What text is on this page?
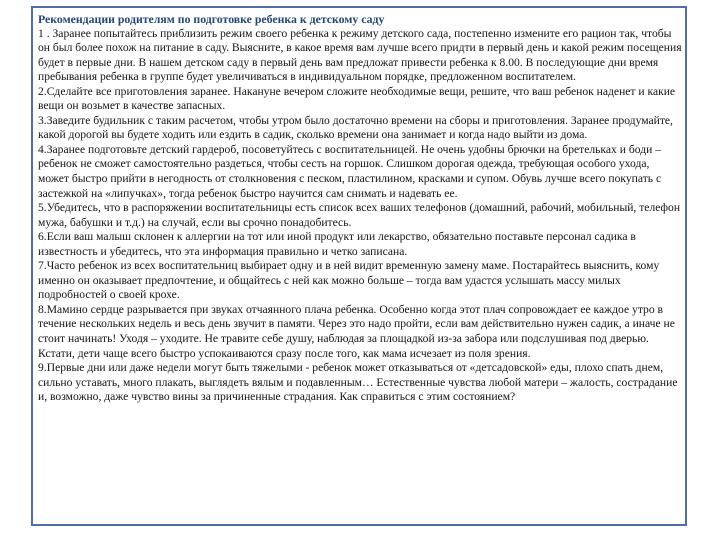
Рекомендации родителям по подготовке ребенка к детскому саду
1 . Заранее попытайтесь приблизить режим своего ребенка к режиму детского сада, постепенно измените его рацион так, чтобы он был более похож на питание в саду. Выясните, в какое время вам лучше всего придти в первый день и какой режим посещения будет в первые дни. В нашем детском саду в первый день вам предложат привести ребенка к 8.00. В последующие дни время пребывания ребенка в группе будет увеличиваться в индивидуальном порядке, предложенном воспитателем.
2.Сделайте все приготовления заранее. Накануне вечером сложите необходимые вещи, решите, что ваш ребенок наденет и какие вещи он возьмет в качестве запасных.
3.Заведите будильник с таким расчетом, чтобы утром было достаточно времени на сборы и приготовления. Заранее продумайте, какой дорогой вы будете ходить или ездить в садик, сколько времени она занимает и когда надо выйти из дома.
4.Заранее подготовьте детский гардероб, посоветуйтесь с воспитательницей. Не очень удобны брючки на бретельках и боди – ребенок не сможет самостоятельно раздеться, чтобы сесть на горшок. Слишком дорогая одежда, требующая особого ухода, может быстро прийти в негодность от столкновения с песком, пластилином, красками и супом. Обувь лучше всего покупать с застежкой на «липучках», тогда ребенок быстро научится сам снимать и надевать ее.
5.Убедитесь, что в распоряжении воспитательницы есть список всех ваших телефонов (домашний, рабочий, мобильный, телефон мужа, бабушки и т.д.) на случай, если вы срочно понадобитесь.
6.Если ваш малыш склонен к аллергии на тот или иной продукт или лекарство, обязательно поставьте персонал садика в известность и убедитесь, что эта информация правильно и четко записана.
7.Часто ребенок из всех воспитательниц выбирает одну и в ней видит временную замену маме. Постарайтесь выяснить, кому именно он оказывает предпочтение, и общайтесь с ней как можно больше – тогда вам удастся услышать массу милых подробностей о своей крохе.
8.Мамино сердце разрывается при звуках отчаянного плача ребенка. Особенно когда этот плач сопровождает ее каждое утро в течение нескольких недель и весь день звучит в памяти. Через это надо пройти, если вам действительно нужен садик, а иначе не стоит начинать! Уходя – уходите. Не травите себе душу, наблюдая за площадкой из-за забора или подслушивая под дверью. Кстати, дети чаще всего быстро успокаиваются сразу после того, как мама исчезает из поля зрения.
9.Первые дни или даже недели могут быть тяжелыми - ребенок может отказываться от «детсадовской» еды, плохо спать днем, сильно уставать, много плакать, выглядеть вялым и подавленным… Естественные чувства любой матери – жалость, сострадание и, возможно, даже чувство вины за причиненные страдания. Как справиться с этим состоянием?
